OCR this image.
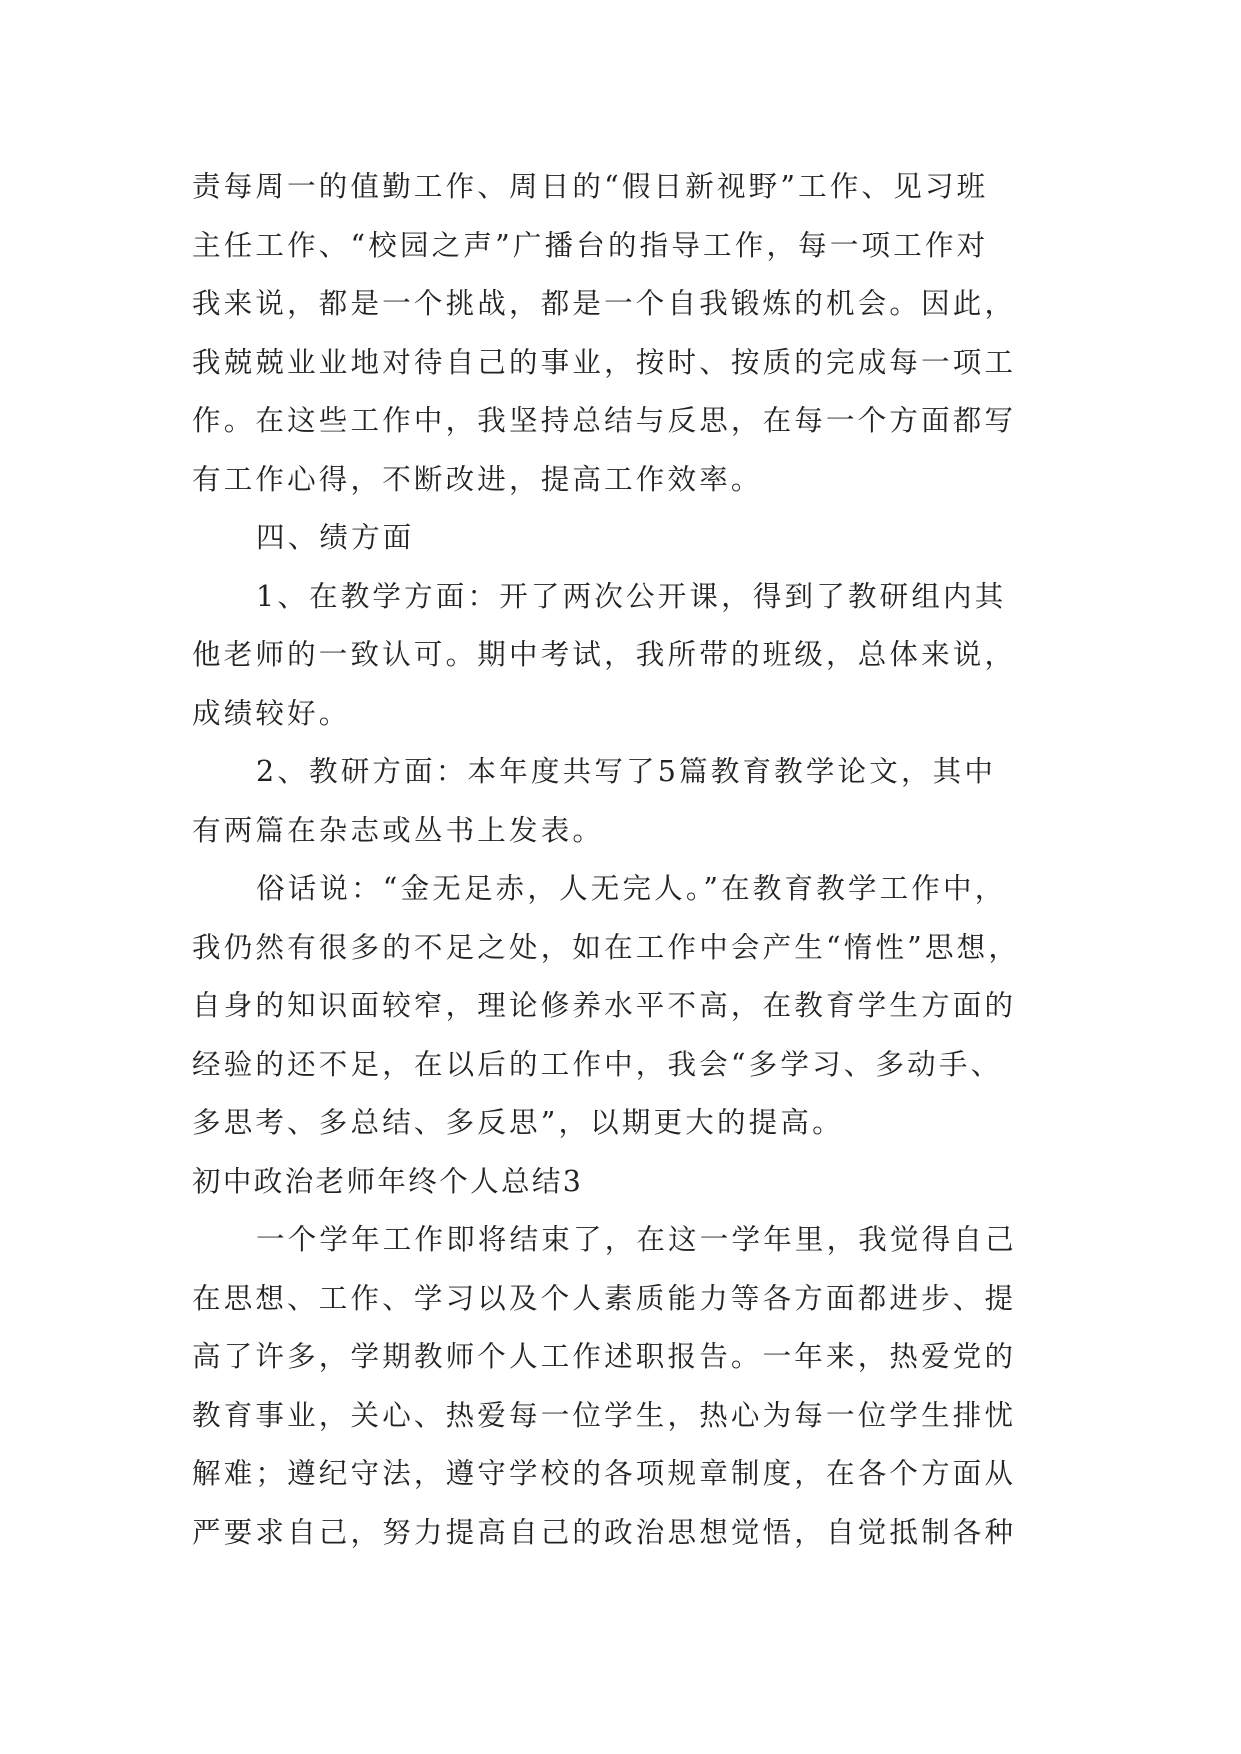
责每周一的值勤工作、周日的“假日新视野”工作、见习班
主任工作、“校园之声”广播台的指导工作，每一项工作对
我来说，都是一个挑战，都是一个自我锻炼的机会。因此，
我兢兢业业地对待自己的事业，按时、按质的完成每一项工
作。在这些工作中，我坚持总结与反思，在每一个方面都写
有工作心得，不断改进，提高工作效率。
四、绩方面
1、在教学方面：开了两次公开课，得到了教研组内其
他老师的一致认可。期中考试，我所带的班级，总体来说，
成绩较好。
2、教研方面：本年度共写了5篇教育教学论文，其中
有两篇在杂志或丛书上发表。
俗话说：“金无足赤，人无完人。”在教育教学工作中，
我仍然有很多的不足之处，如在工作中会产生“惰性”思想，
自身的知识面较窄，理论修养水平不高，在教育学生方面的
经验的还不足，在以后的工作中，我会“多学习、多动手、
多思考、多总结、多反思”，以期更大的提高。
初中政治老师年终个人总结3
一个学年工作即将结束了，在这一学年里，我觉得自己
在思想、工作、学习以及个人素质能力等各方面都进步、提
高了许多，学期教师个人工作述职报告。一年来，热爱党的
教育事业，关心、热爱每一位学生，热心为每一位学生排忧
解难；遵纪守法，遵守学校的各项规章制度，在各个方面从
严要求自己，努力提高自己的政治思想觉悟，自觉抵制各种
